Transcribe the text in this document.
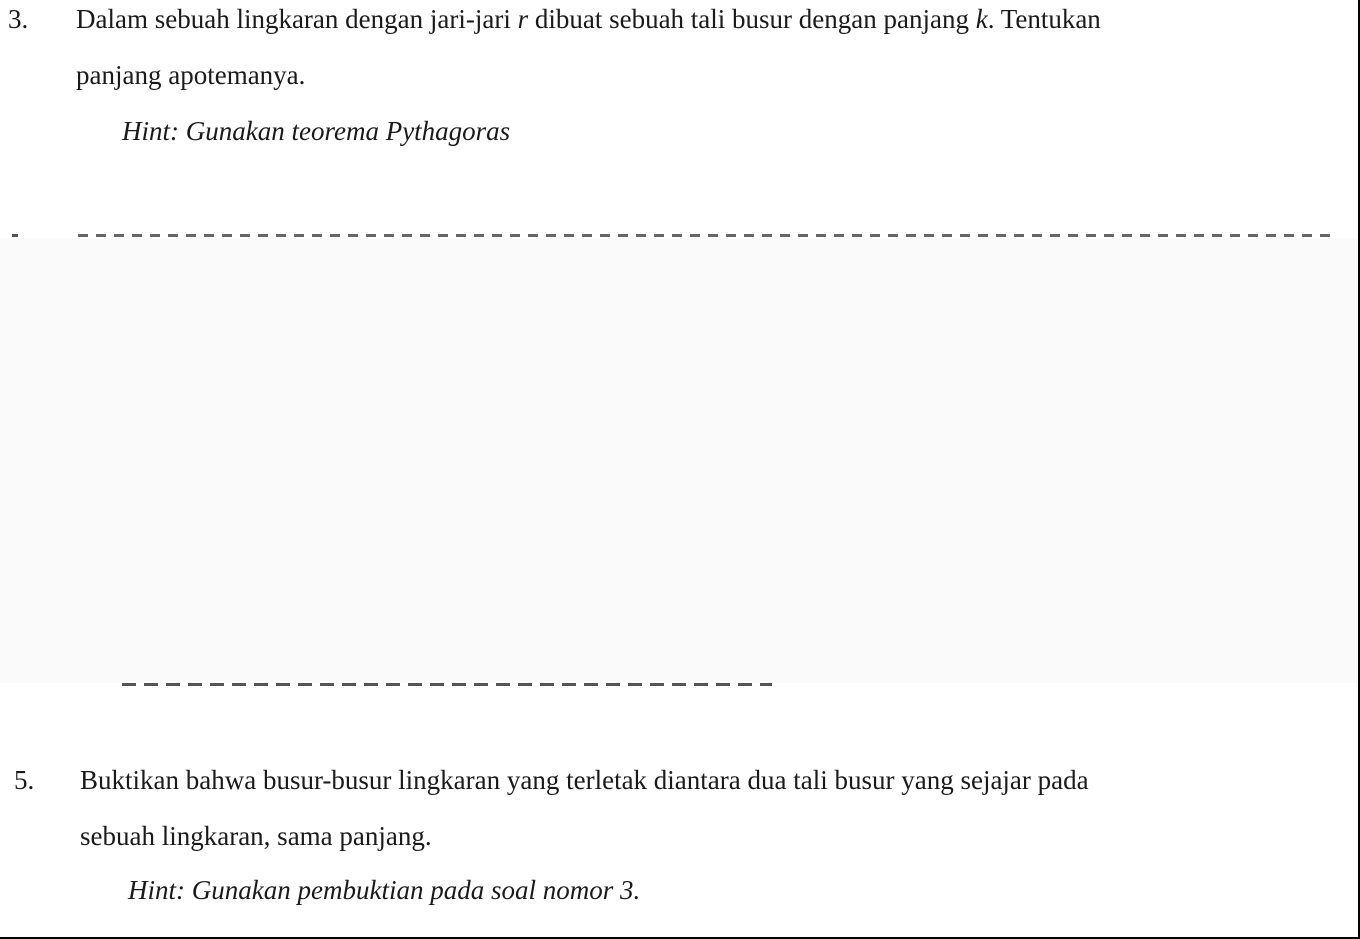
3. Dalam sebuah lingkaran dengan jari-jari r dibuat sebuah tali busur dengan panjang k. Tentukan
panjang apotemanya.
Hint: Gunakan teorema Pythagoras
5. Buktikan bahwa busur-busur lingkaran yang terletak diantara dua tali busur yang sejajar pada
sebuah lingkaran, sama panjang.
Hint: Gunakan pembuktian pada soal nomor 3.
